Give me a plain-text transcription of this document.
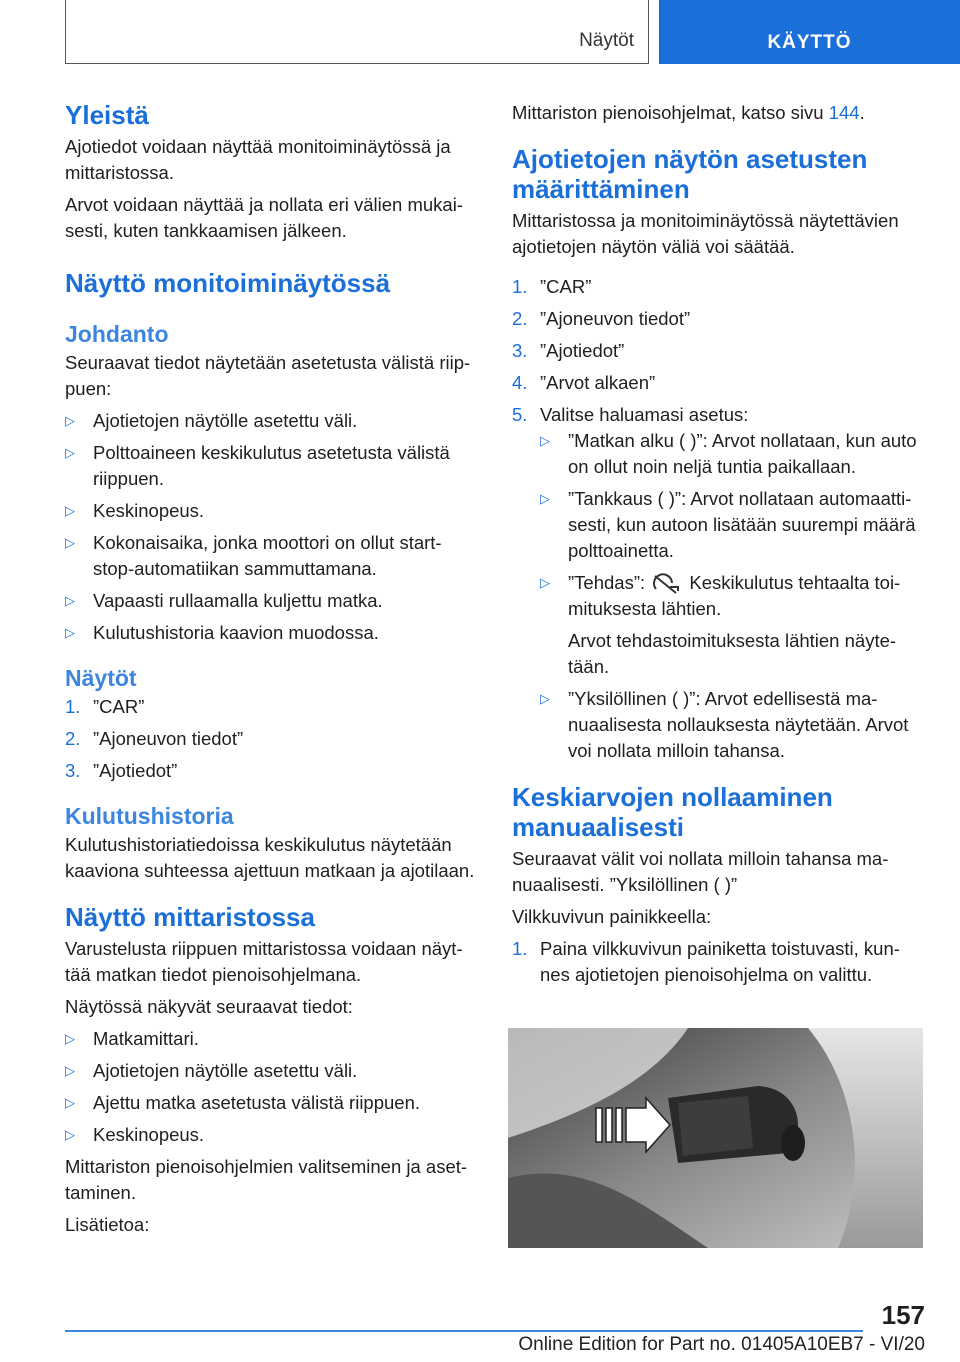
Näytöt	KÄYTTÖ
Yleistä

Ajotiedot voidaan näyttää monitoiminäytössä ja mittaristossa.

Arvot voidaan näyttää ja nollata eri välien mukai-sesti, kuten tankkaamisen jälkeen.

Näyttö monitoiminäytössä
Johdanto

Seuraavat tiedot näytetään asetetusta välistä riip-puen:

▷ Ajotietojen näytölle asetettu väli.
▷ Polttoaineen keskikulutus asetetusta välistä riippuen.
▷ Keskinopeus.
▷ Kokonaisaika, jonka moottori on ollut start-stop-automatiikan sammuttamana.
▷ Vapaasti rullaamalla kuljettu matka.
▷ Kulutushistoria kaavion muodossa.
Näytöt
1. ”CAR”
2. ”Ajoneuvon tiedot”
3. ”Ajotiedot”
Kulutushistoria

Kulutushistoriatiedoissa keskikulutus näytetään kaaviona suhteessa ajettuun matkaan ja ajotilaan.

Näyttö mittaristossa

Varustelusta riippuen mittaristossa voidaan näyt-tää matkan tiedot pienoisohjelmana.

Näytössä näkyvät seuraavat tiedot:

▷ Matkamittari.
▷ Ajotietojen näytölle asetettu väli.
▷ Ajettu matka asetetusta välistä riippuen.
▷ Keskinopeus.

Mittariston pienoisohjelmien valitseminen ja aset-taminen.

Lisätietoa:

Mittariston pienoisohjelmat, katso sivu 144.

Ajotietojen näytön asetusten määrittäminen

Mittaristossa ja monitoiminäytössä näytettävien ajotietojen näytön väliä voi säätää.

1. ”CAR”
2. ”Ajoneuvon tiedot”
3. ”Ajotiedot”
4. ”Arvot alkaen”
5. Valitse haluamasi asetus:
▷ ”Matkan alku ( )”: Arvot nollataan, kun auto on ollut noin neljä tuntia paikallaan.
▷ ”Tankkaus ( )”: Arvot nollataan automaatti-sesti, kun autoon lisätään suurempi määrä polttoainetta.
▷ ”Tehdas”: Keskikulutus tehtaalta toi-mituksesta lähtien.
Arvot tehdastoimituksesta lähtien näyte-tään.
▷ ”Yksilöllinen ( )”: Arvot edellisestä ma-nuaalisesta nollauksesta näytetään. Arvot voi nollata milloin tahansa.
Keskiarvojen nollaaminen manuaalisesti

Seuraavat välit voi nollata milloin tahansa ma-nuaalisesti. ”Yksilöllinen ( )”

Vilkkuvivun painikkeella:

1. Paina vilkkuvivun painiketta toistuvasti, kun-nes ajotietojen pienoisohjelma on valittu.
157
Online Edition for Part no. 01405A10EB7 - VI/20
